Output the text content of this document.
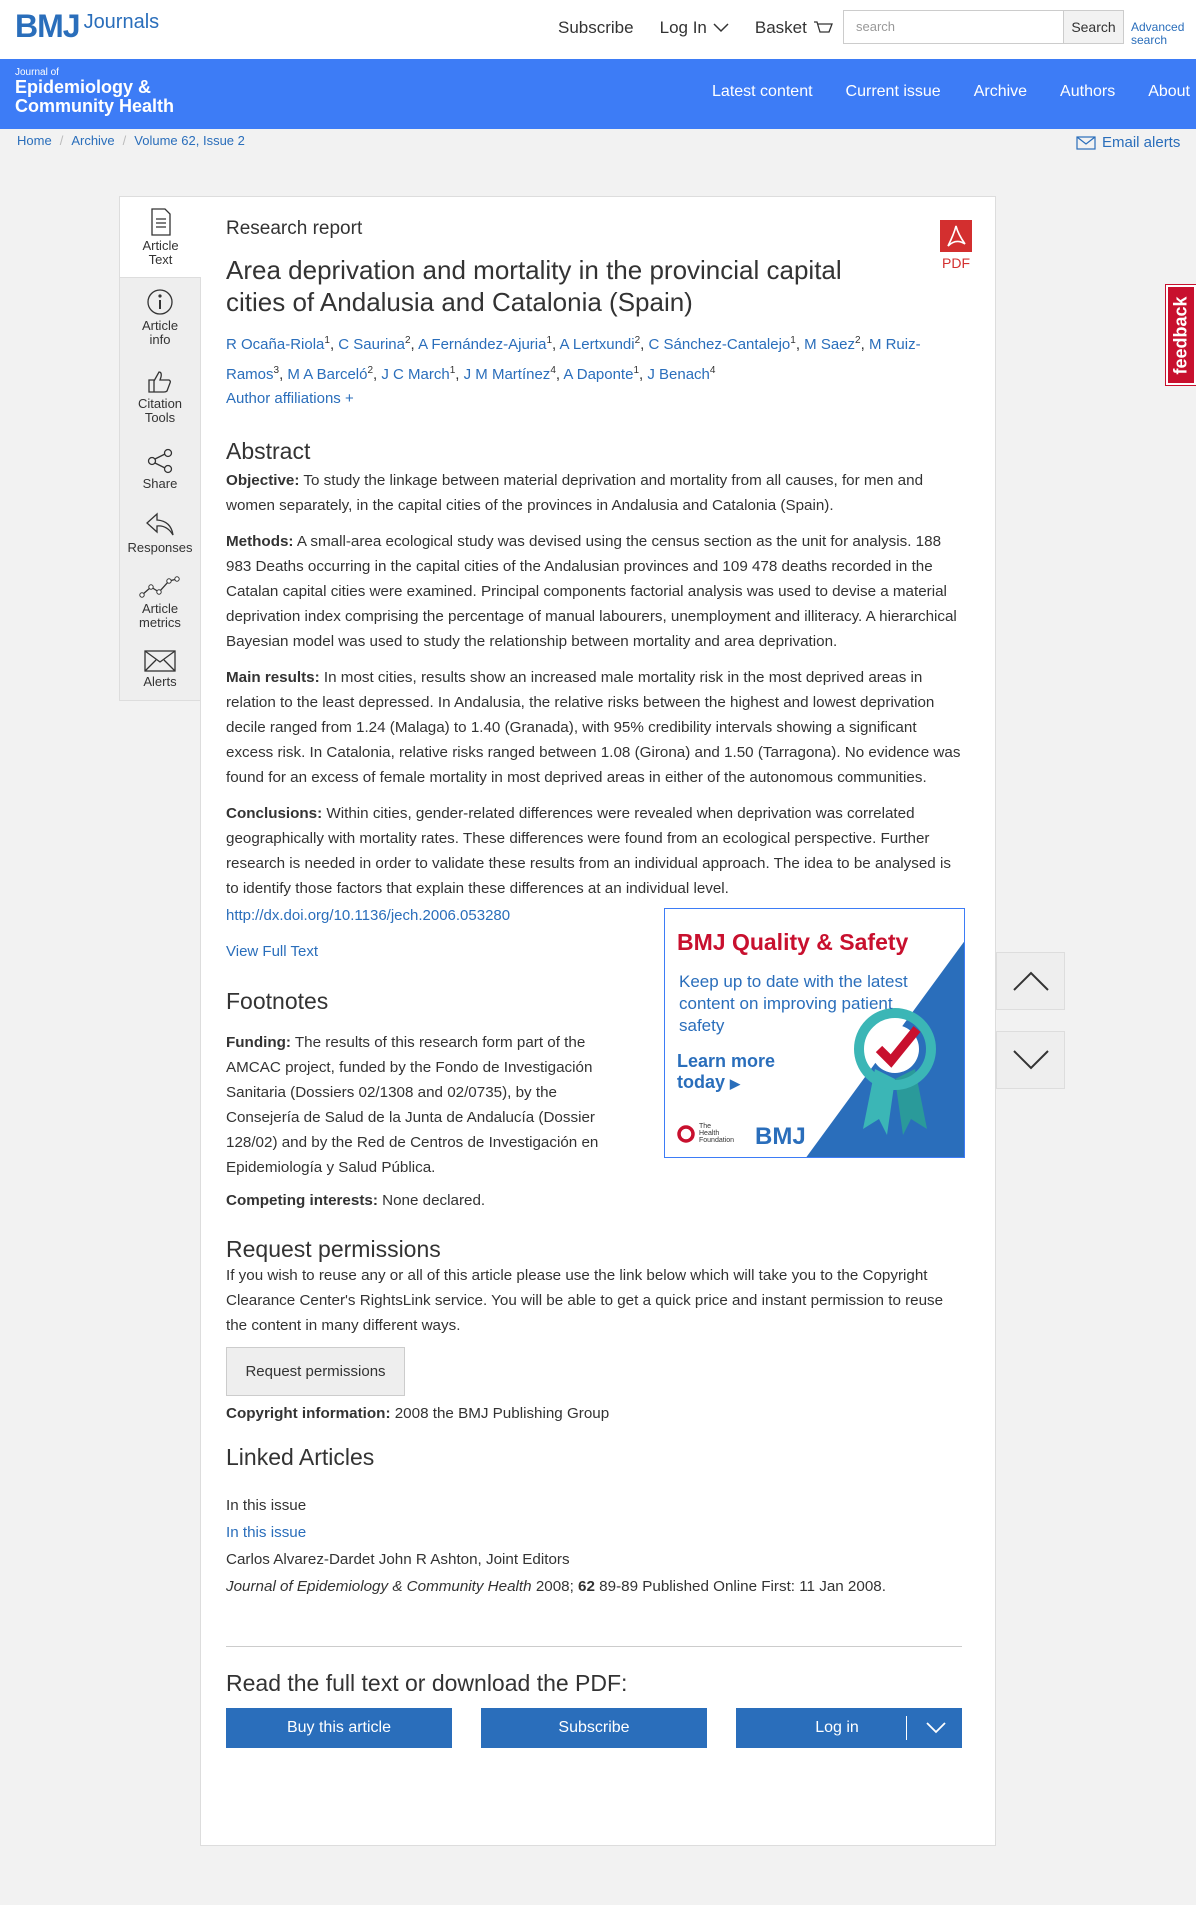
BMJ Journals	Subscribe Log In	Basket	search	Search	Advanced
search
Journal of
Epidemiology &
Community Health
Latest content Current issue Archive Authors About
Home / Archive / Volume 62, Issue 2	Email alerts
Article
Text
Article
info
Citation
Tools
Share
Responses
Article
metrics
Alerts
Research report
Area deprivation and mortality in the provincial capital cities of Andalusia and Catalonia (Spain)
PDF
R Ocaña-Riola$^1$, C Saurina$^2$, A Fernández-Ajuria$^1$, A Lertxundi$^2$, C Sánchez-Cantalejo$^1$, M Saez$^2$, M Ruiz-Ramos$^3$, M A Barceló$^2$, J C March$^1$, J M Martínez$^4$, A Daponte$^1$, J Benach$^4$
Author affiliations +
Abstract

Objective: To study the linkage between material deprivation and mortality from all causes, for men and women separately, in the capital cities of the provinces in Andalusia and Catalonia (Spain).

Methods: A small-area ecological study was devised using the census section as the unit for analysis. 188 983 Deaths occurring in the capital cities of the Andalusian provinces and 109 478 deaths recorded in the Catalan capital cities were examined. Principal components factorial analysis was used to devise a material deprivation index comprising the percentage of manual labourers, unemployment and illiteracy. A hierarchical Bayesian model was used to study the relationship between mortality and area deprivation.

Main results: In most cities, results show an increased male mortality risk in the most deprived areas in relation to the least depressed. In Andalusia, the relative risks between the highest and lowest deprivation decile ranged from 1.24 (Malaga) to 1.40 (Granada), with 95% credibility intervals showing a significant excess risk. In Catalonia, relative risks ranged between 1.08 (Girona) and 1.50 (Tarragona). No evidence was found for an excess of female mortality in most deprived areas in either of the autonomous communities.

Conclusions: Within cities, gender-related differences were revealed when deprivation was correlated geographically with mortality rates. These differences were found from an ecological perspective. Further research is needed in order to validate these results from an individual approach. The idea to be analysed is to identify those factors that explain these differences at an individual level.

http://dx.doi.org/10.1136/jech.2006.053280
View Full Text	BMJ Quality & Safety
Keep up to date with the latest content on improving patient safety
Learn more
today ▶
The
Health
Foundation BMJ
Footnotes

Funding: The results of this research form part of the AMCAC project, funded by the Fondo de Investigación Sanitaria (Dossiers 02/1308 and 02/0735), by the Consejería de Salud de la Junta de Andalucía (Dossier 128/02) and by the Red de Centros de Investigación en Epidemiología y Salud Pública.

Competing interests: None declared.

Request permissions

If you wish to reuse any or all of this article please use the link below which will take you to the Copyright Clearance Center's RightsLink service. You will be able to get a quick price and instant permission to reuse the content in many different ways.

Request permissions

Copyright information: 2008 the BMJ Publishing Group

Linked Articles
In this issue
In this issue
Carlos Alvarez-Dardet John R Ashton, Joint Editors
Journal of Epidemiology & Community Health 2008; 62 89-89 Published Online First: 11 Jan 2008.
Read the full text or download the PDF:
Buy this article	Subscribe	Log in
feedback
